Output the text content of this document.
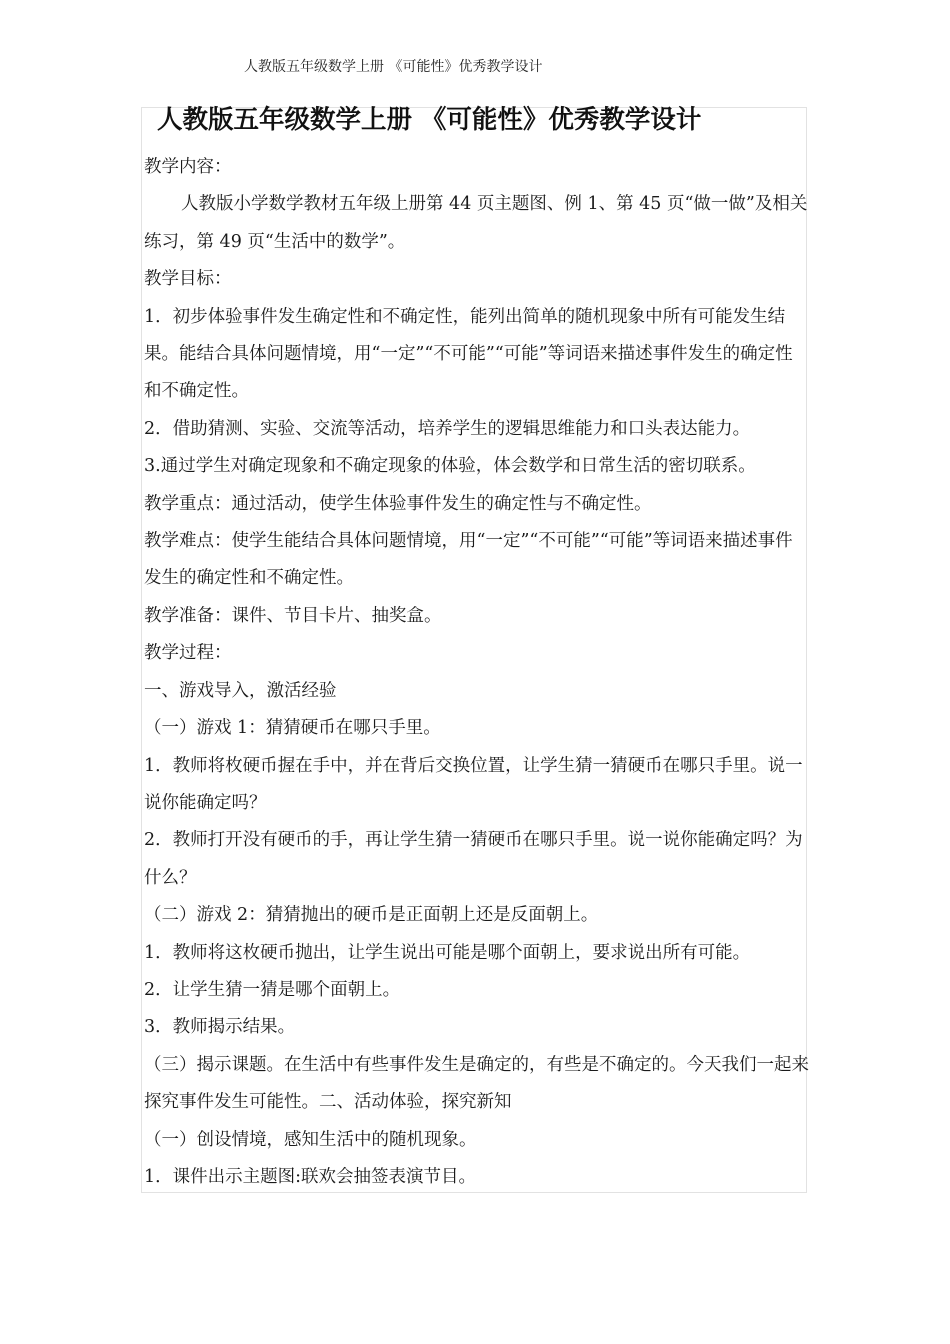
人教版五年级数学上册 《可能性》优秀教学设计
人教版五年级数学上册 《可能性》优秀教学设计

教学内容：

人教版小学数学教材五年级上册第 44 页主题图、例 1、第 45 页“做一做”及相关练习，第 49 页“生活中的数学”。

教学目标：

1．初步体验事件发生确定性和不确定性，能列出简单的随机现象中所有可能发生结果。能结合具体问题情境，用“一定”“不可能”“可能”等词语来描述事件发生的确定性和不确定性。

2．借助猜测、实验、交流等活动，培养学生的逻辑思维能力和口头表达能力。

3.通过学生对确定现象和不确定现象的体验，体会数学和日常生活的密切联系。

教学重点：通过活动，使学生体验事件发生的确定性与不确定性。

教学难点：使学生能结合具体问题情境，用“一定”“不可能”“可能”等词语来描述事件发生的确定性和不确定性。

教学准备：课件、节目卡片、抽奖盒。

教学过程：

一、游戏导入，激活经验

（一）游戏 1：猜猜硬币在哪只手里。

1．教师将枚硬币握在手中，并在背后交换位置，让学生猜一猜硬币在哪只手里。说一说你能确定吗？

2．教师打开没有硬币的手，再让学生猜一猜硬币在哪只手里。说一说你能确定吗？为什么？

（二）游戏 2：猜猜抛出的硬币是正面朝上还是反面朝上。

1．教师将这枚硬币抛出，让学生说出可能是哪个面朝上，要求说出所有可能。

2．让学生猜一猜是哪个面朝上。

3．教师揭示结果。

（三）揭示课题。在生活中有些事件发生是确定的，有些是不确定的。今天我们一起来探究事件发生可能性。二、活动体验，探究新知

（一）创设情境，感知生活中的随机现象。

1．课件出示主题图:联欢会抽签表演节目。
